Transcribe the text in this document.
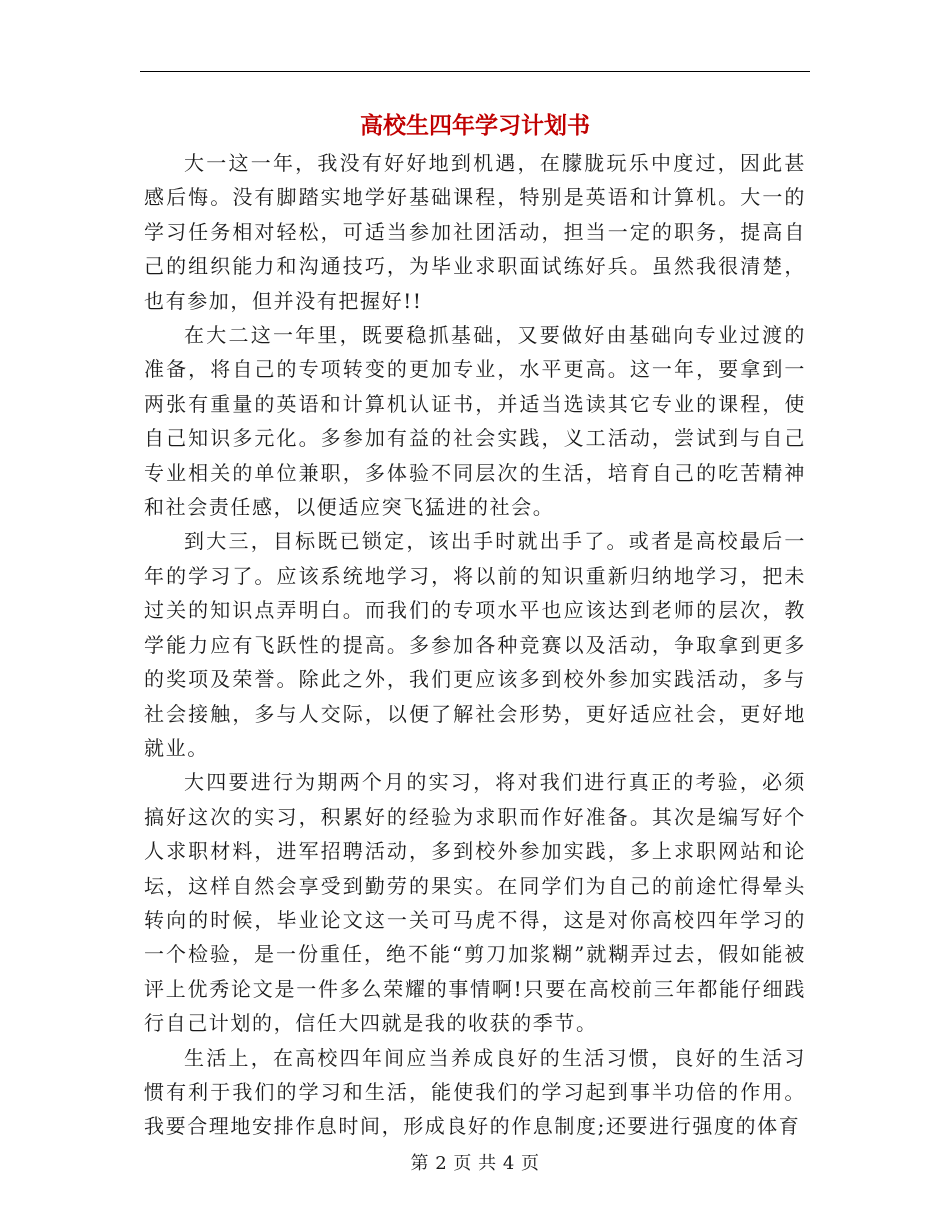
高校生四年学习计划书

大一这一年，我没有好好地到机遇，在朦胧玩乐中度过，因此甚感后悔。没有脚踏实地学好基础课程，特别是英语和计算机。大一的学习任务相对轻松，可适当参加社团活动，担当一定的职务，提高自己的组织能力和沟通技巧，为毕业求职面试练好兵。虽然我很清楚，也有参加，但并没有把握好!!

在大二这一年里，既要稳抓基础，又要做好由基础向专业过渡的准备，将自己的专项转变的更加专业，水平更高。这一年，要拿到一两张有重量的英语和计算机认证书，并适当选读其它专业的课程，使自己知识多元化。多参加有益的社会实践，义工活动，尝试到与自己专业相关的单位兼职，多体验不同层次的生活，培育自己的吃苦精神和社会责任感，以便适应突飞猛进的社会。

到大三，目标既已锁定，该出手时就出手了。或者是高校最后一年的学习了。应该系统地学习，将以前的知识重新归纳地学习，把未过关的知识点弄明白。而我们的专项水平也应该达到老师的层次，教学能力应有飞跃性的提高。多参加各种竞赛以及活动，争取拿到更多的奖项及荣誉。除此之外，我们更应该多到校外参加实践活动，多与社会接触，多与人交际，以便了解社会形势，更好适应社会，更好地就业。

大四要进行为期两个月的实习，将对我们进行真正的考验，必须搞好这次的实习，积累好的经验为求职而作好准备。其次是编写好个人求职材料，进军招聘活动，多到校外参加实践，多上求职网站和论坛，这样自然会享受到勤劳的果实。在同学们为自己的前途忙得晕头转向的时候，毕业论文这一关可马虎不得，这是对你高校四年学习的一个检验，是一份重任，绝不能“剪刀加浆糊”就糊弄过去，假如能被评上优秀论文是一件多么荣耀的事情啊!只要在高校前三年都能仔细践行自己计划的，信任大四就是我的收获的季节。

生活上，在高校四年间应当养成良好的生活习惯，良好的生活习惯有利于我们的学习和生活，能使我们的学习起到事半功倍的作用。我要合理地安排作息时间，形成良好的作息制度;还要进行强度的体育

第 2 页 共 4 页
